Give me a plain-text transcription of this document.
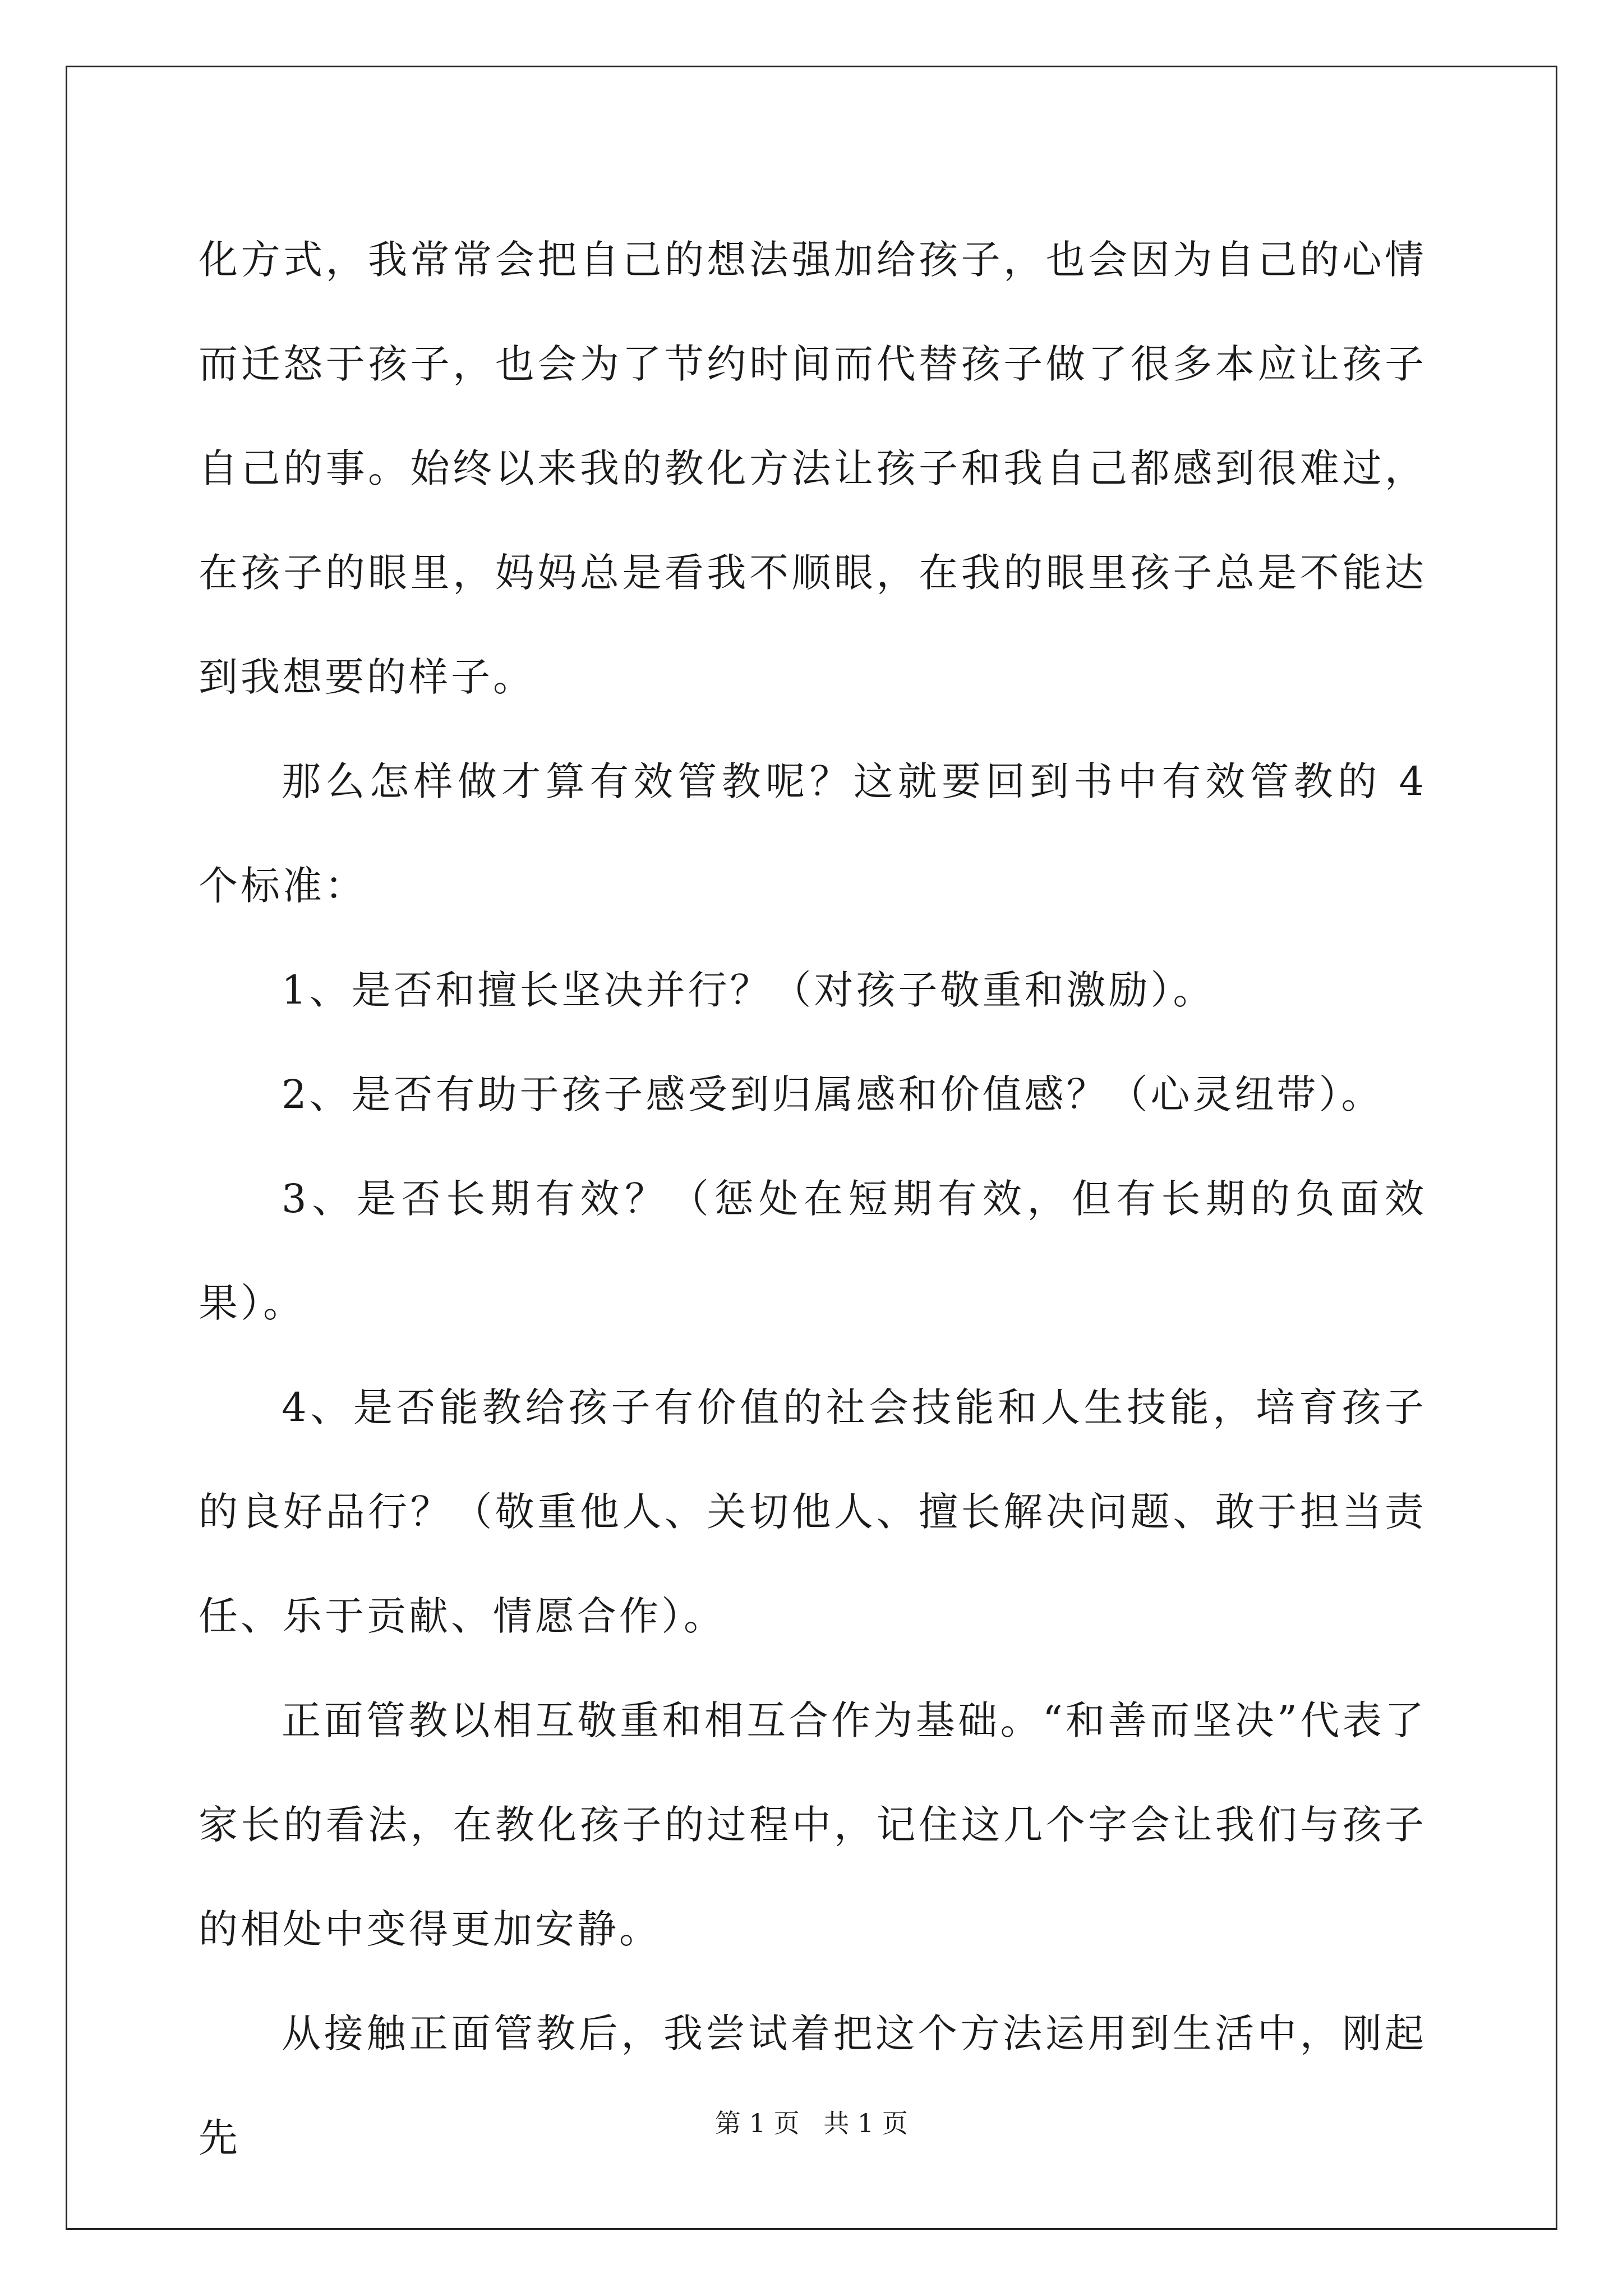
化方式，我常常会把自己的想法强加给孩子，也会因为自己的心情而迁怒于孩子，也会为了节约时间而代替孩子做了很多本应让孩子自己的事。始终以来我的教化方法让孩子和我自己都感到很难过，在孩子的眼里，妈妈总是看我不顺眼，在我的眼里孩子总是不能达到我想要的样子。

那么怎样做才算有效管教呢？这就要回到书中有效管教的 4 个标准：

1、是否和擅长坚决并行？（对孩子敬重和激励）。

2、是否有助于孩子感受到归属感和价值感？（心灵纽带）。

3、是否长期有效？（惩处在短期有效，但有长期的负面效果）。

4、是否能教给孩子有价值的社会技能和人生技能，培育孩子的良好品行？（敬重他人、关切他人、擅长解决问题、敢于担当责任、乐于贡献、情愿合作）。

正面管教以相互敬重和相互合作为基础。“和善而坚决”代表了家长的看法，在教化孩子的过程中，记住这几个字会让我们与孩子的相处中变得更加安静。

从接触正面管教后，我尝试着把这个方法运用到生活中，刚起先	第 1 页 共 1 页
